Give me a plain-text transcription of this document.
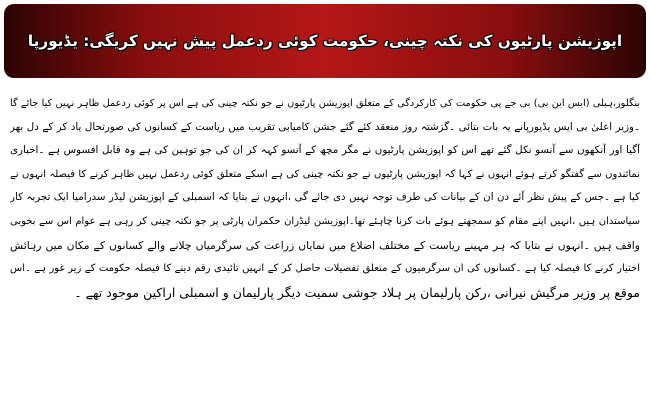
اپوزیشن پارٹیوں کی نکتہ چینی، حکومت کوئی ردعمل پیش نہیں کریگی: یڈیورپا
بنگلور،ہبلی (ایس این بی) بی جے پی حکومت کی کارکردگی کے متعلق اپوزیشن پارٹیوں نے جو نکتہ چینی کی ہے اس پر کوئی ردعمل ظاہر نہیں کیا جائے گا
۔وزیر اعلیٰ بی ایس یڈیورپانے یہ بات بتائی ۔گزشتہ روز منعقد کئے گئے جشن کامیابی تقریب میں ریاست کے کسانوں کی صورتحال یاد کر کے دل بھر
آگیا اور آنکھوں سے آنسو نکل گئے تھے اس کو اپوزیشن پارٹیوں نے مگر مچھ کے آنسو کہہ کر ان کی جو توہین کی ہے وہ قابل افسوس ہے ۔اخباری
نمائندوں سے گفتگو کرتے ہوئے انہوں نے کہا کہ اپوزیشن پارٹیوں نے جو نکتہ چینی کی ہے اسکے متعلق کوئی ردعمل نہیں ظاہر کرنے کا فیصلہ انہوں نے
کیا ہے ۔جس کے پیش نظر آئے دن ان کے بیانات کی طرف توجہ نہیں دی جائے گی ،انہوں نے بتایا کہ اسمبلی کے اپوزیشن لیڈر سدرامیا ایک تجربہ کار
سیاستدان ہیں ،انہیں اپنے مقام کو سمجھتے ہوئے بات کرنا چاہئے تھا۔اپوزیشن لیڈران حکمران پارٹی پر جو نکتہ چینی کر رہی ہے عوام اس سے بخوبی
واقف ہیں ۔انہوں نے بتایا کہ ہر مہینے ریاست کے مختلف اضلاع میں نمایاں زراعت کی سرگرمیاں چلانے والے کسانوں کے مکان میں رہائش
اختیار کرنے کا فیصلہ کیا ہے ۔کسانوں کی ان سرگرمیوں کے متعلق تفصیلات حاصل کر کے انہیں تائیدی رقم دینے کا فیصلہ حکومت کے زیر غور ہے ۔اس
موقع پر وزیر مرگیش نیرانی ،رکن پارلیمان پر ہلاد جوشی سمیت دیگر پارلیمان و اسمبلی اراکین موجود تھے ۔
